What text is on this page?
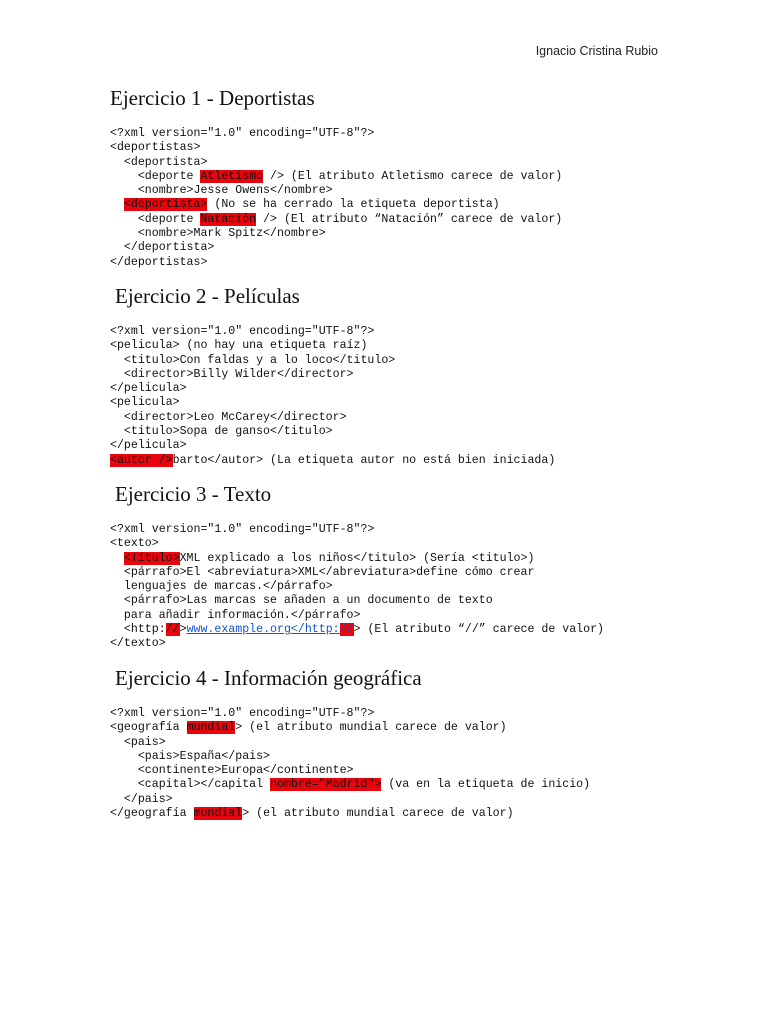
Ignacio Cristina Rubio
Ejercicio 1 - Deportistas
<?xml version="1.0" encoding="UTF-8"?>
<deportistas>
<deportista>
<deporte Atletismo /> (El atributo Atletismo carece de valor)
<nombre>Jesse Owens</nombre>
<deportista> (No se ha cerrado la etiqueta deportista)
<deporte Natación /> (El atributo “Natación” carece de valor)
<nombre>Mark Spitz</nombre>
</deportista>
</deportistas>
Ejercicio 2 - Películas
<?xml version="1.0" encoding="UTF-8"?>
<pelicula> (no hay una etiqueta raíz)
<titulo>Con faldas y a lo loco</titulo>
<director>Billy Wilder</director>
</pelicula>
<pelicula>
<director>Leo McCarey</director>
<titulo>Sopa de ganso</titulo>
</pelicula>
<autor />barto</autor> (La etiqueta autor no está bien iniciada)
Ejercicio 3 - Texto
<?xml version="1.0" encoding="UTF-8"?>
<texto>
<Titulo>XML explicado a los niños</titulo> (Sería <titulo>)
<párrafo>El <abreviatura>XML</abreviatura>define cómo crear
lenguajes de marcas.</párrafo>
<párrafo>Las marcas se añaden a un documento de texto
para añadir información.</párrafo>
<http://>www.example.org</http://> (El atributo “//” carece de valor)
</texto>
Ejercicio 4 - Información geográfica
<?xml version="1.0" encoding="UTF-8"?>
<geografía mundial> (el atributo mundial carece de valor)
<pais>
<pais>España</pais>
<continente>Europa</continente>
<capital></capital nombre="Madrid"> (va en la etiqueta de inicio)
</pais>
</geografía mundial> (el atributo mundial carece de valor)
